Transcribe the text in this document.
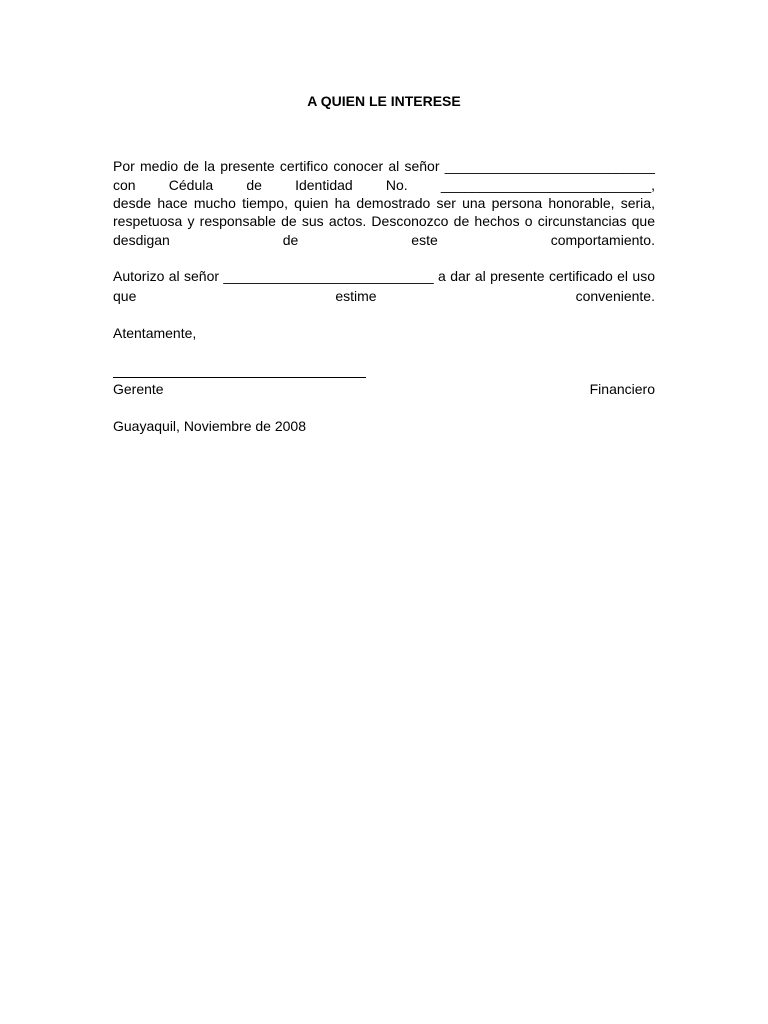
A QUIEN LE INTERESE
Por medio de la presente certifico conocer al señor ___________________________
con Cédula de Identidad No. ___________________________,
desde hace mucho tiempo, quien ha demostrado ser una persona honorable, seria,
respetuosa y responsable de sus actos. Desconozco de hechos o circunstancias que
desdigan	de	este	comportamiento.
Autorizo al señor ___________________________ a dar al presente certificado el uso
que	estime	conveniente.
Atentamente,
Gerente	Financiero
Guayaquil, Noviembre de 2008
